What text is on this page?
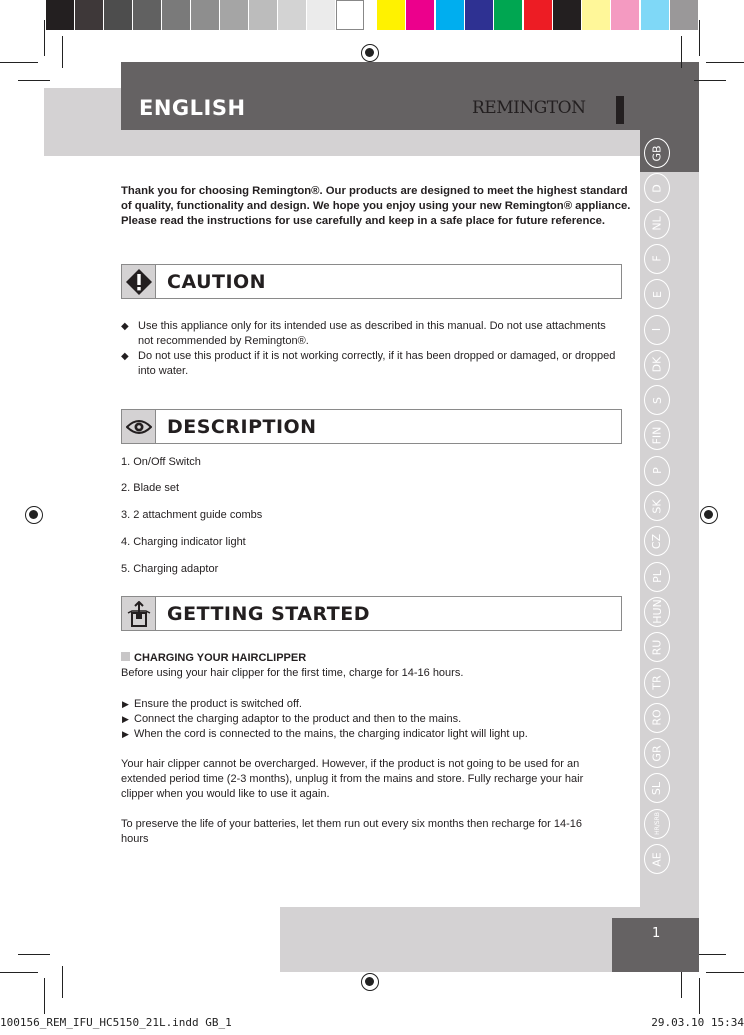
GB
D
NL
F
E
I
DK
S
FIN
P
SK
CZ
PL
HUN
RU
TR
RO
GR
SL
HR/SRB
AE
ENGLISH	REMINGTON
Thank you for choosing Remington®. Our products are designed to meet the highest standard of quality, functionality and design. We hope you enjoy using your new Remington® appliance. Please read the instructions for use carefully and keep in a safe place for future reference.
CAUTION
◆ Use this appliance only for its intended use as described in this manual. Do not use attachments not recommended by Remington®.
◆ Do not use this product if it is not working correctly, if it has been dropped or damaged, or dropped into water.
DESCRIPTION
1. On/Off Switch
2. Blade set
3. 2 attachment guide combs
4. Charging indicator light
5. Charging adaptor
GETTING STARTED
CHARGING YOUR HAIRCLIPPER
Before using your hair clipper for the first time, charge for 14-16 hours.
▶ Ensure the product is switched off.
▶ Connect the charging adaptor to the product and then to the mains.
▶ When the cord is connected to the mains, the charging indicator light will light up.
Your hair clipper cannot be overcharged. However, if the product is not going to be used for an extended period time (2-3 months), unplug it from the mains and store. Fully recharge your hair clipper when you would like to use it again.
To preserve the life of your batteries, let them run out every six months then recharge for 14-16 hours
1
100156_REM_IFU_HC5150_21L.indd GB_1	29.03.10 15:34
